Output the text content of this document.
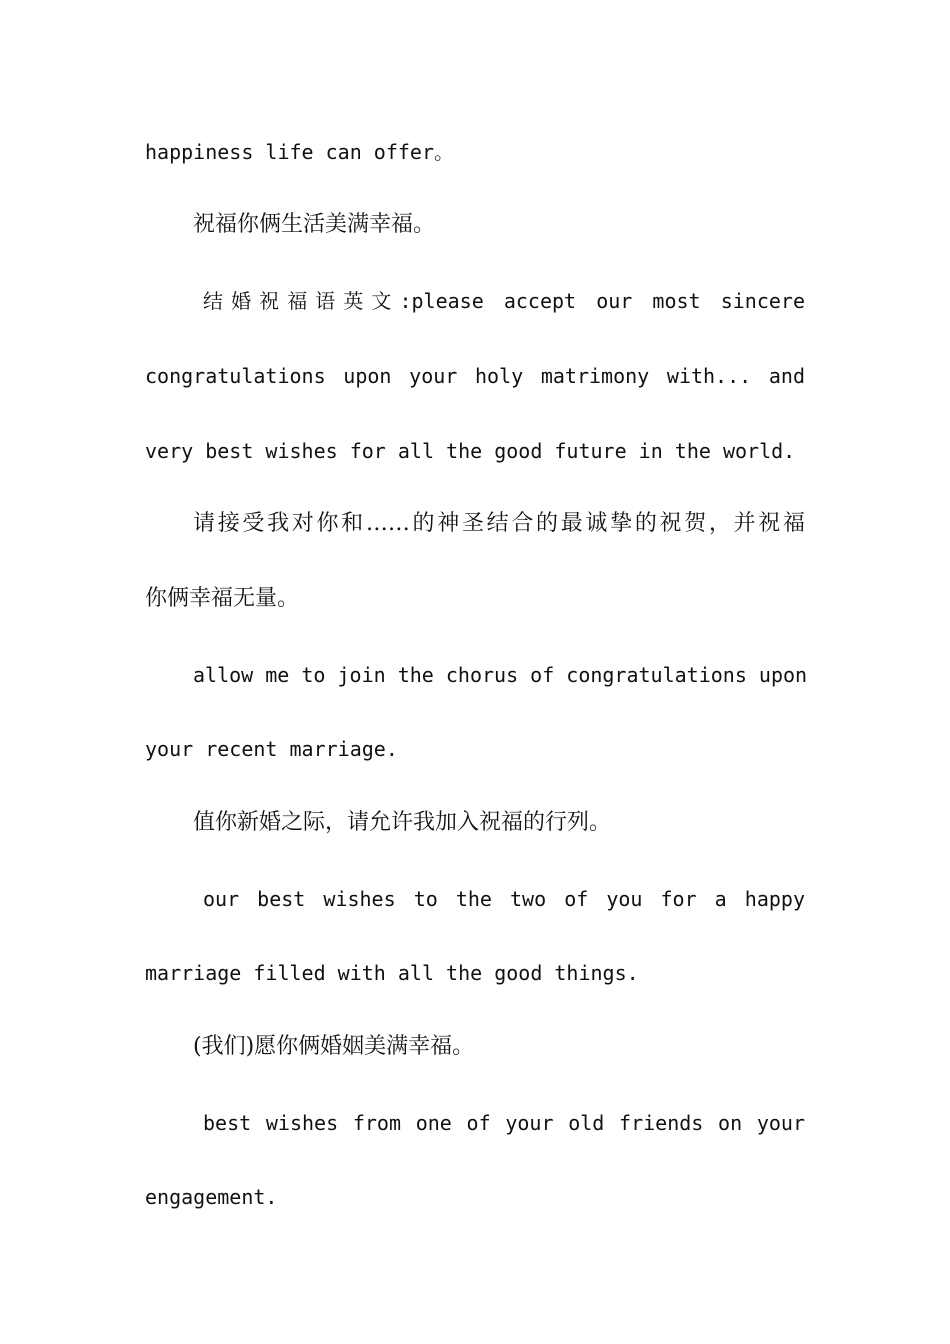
happiness life can offer。

祝福你俩生活美满幸福。

结婚祝福语英文:please accept our most sincere

congratulations upon your holy matrimony with... and

very best wishes for all the good future in the world.

请接受我对你和……的神圣结合的最诚挚的祝贺，并祝福

你俩幸福无量。

allow me to join the chorus of congratulations upon

your recent marriage.

值你新婚之际，请允许我加入祝福的行列。

our best wishes to the two of you for a happy

marriage filled with all the good things.

(我们)愿你俩婚姻美满幸福。

best wishes from one of your old friends on your

engagement.
